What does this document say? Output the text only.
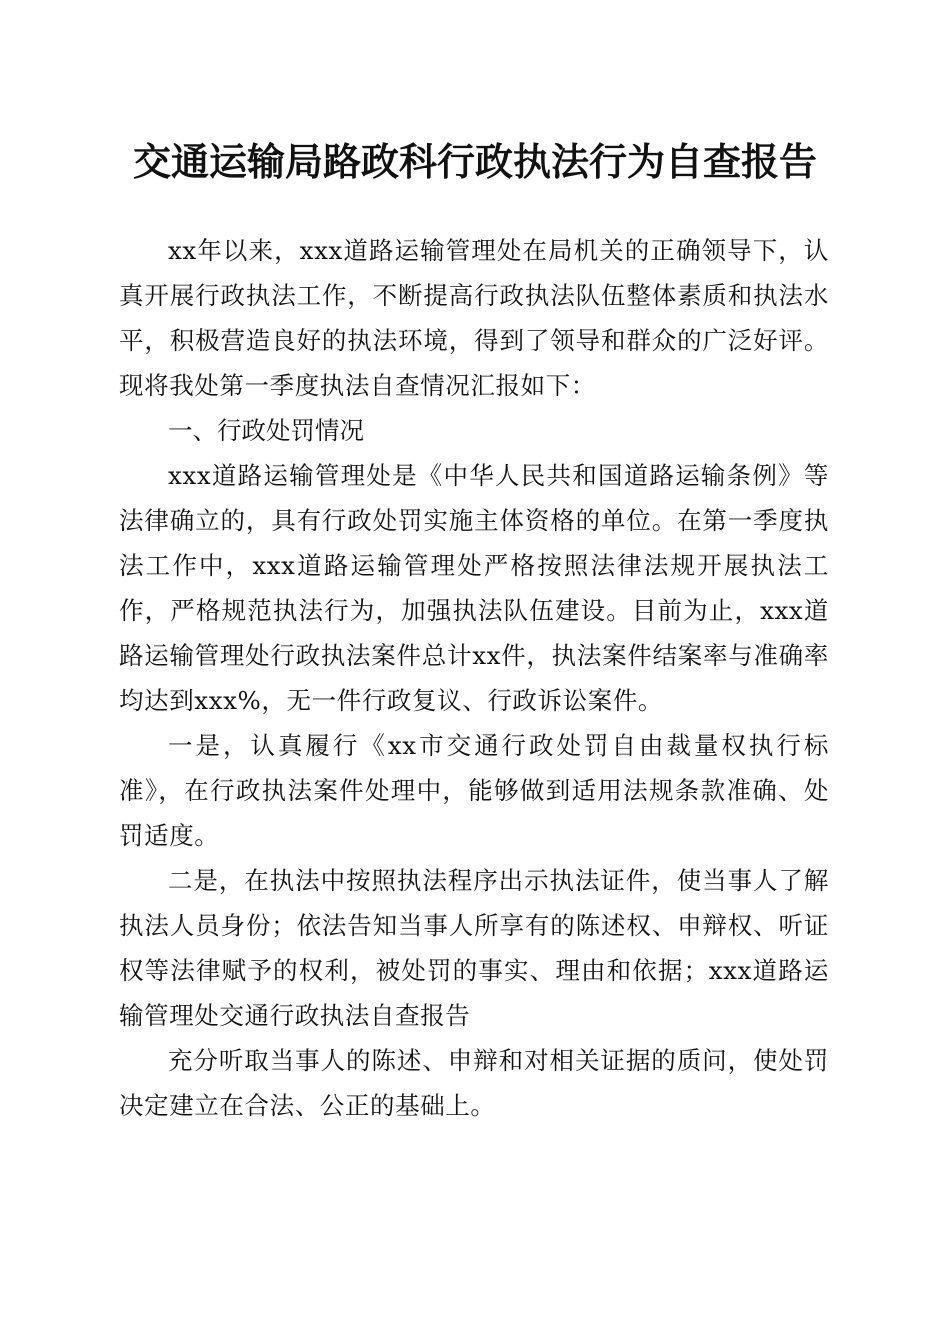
交通运输局路政科行政执法行为自查报告

xx年以来，xxx道路运输管理处在局机关的正确领导下，认真开展行政执法工作，不断提高行政执法队伍整体素质和执法水平，积极营造良好的执法环境，得到了领导和群众的广泛好评。现将我处第一季度执法自查情况汇报如下：

一、行政处罚情况

xxx道路运输管理处是《中华人民共和国道路运输条例》等法律确立的，具有行政处罚实施主体资格的单位。在第一季度执法工作中，xxx道路运输管理处严格按照法律法规开展执法工作，严格规范执法行为，加强执法队伍建设。目前为止，xxx道路运输管理处行政执法案件总计xx件，执法案件结案率与准确率均达到xxx%，无一件行政复议、行政诉讼案件。

一是，认真履行《xx市交通行政处罚自由裁量权执行标准》，在行政执法案件处理中，能够做到适用法规条款准确、处罚适度。

二是，在执法中按照执法程序出示执法证件，使当事人了解执法人员身份；依法告知当事人所享有的陈述权、申辩权、听证权等法律赋予的权利，被处罚的事实、理由和依据；xxx道路运输管理处交通行政执法自查报告

充分听取当事人的陈述、申辩和对相关证据的质问，使处罚决定建立在合法、公正的基础上。
